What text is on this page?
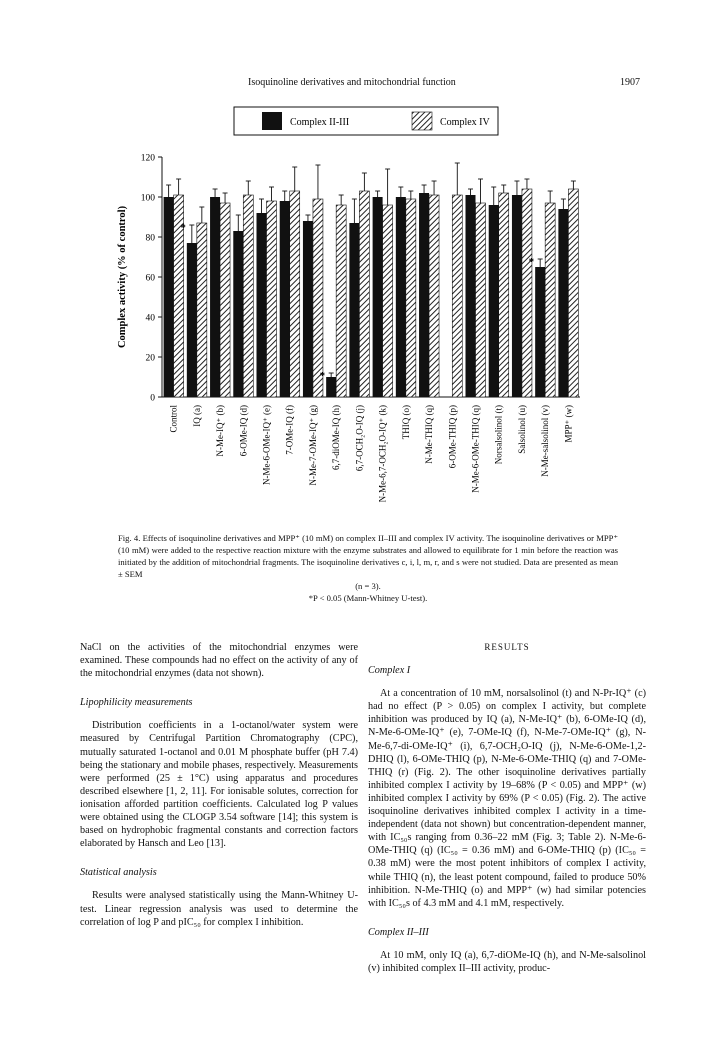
Isoquinoline derivatives and mitochondrial function	1907
Complex II-III	Complex IV
0
20
40
60
80
100
120
Complex activity (% of control)
Control
*
IQ (a) N-Me-IQ⁺ (b) 6-OMe-IQ (d) N-Me-6-OMe-IQ⁺ (e) 7-OMe-IQ (f) N-Me-7-OMe-IQ⁺ (g)
*
6,7-diOMe-IQ (h) 6,7-OCH₂O-IQ (j) N-Me-6,7-OCH₂O-IQ⁺ (k) THIQ (o) N-Me-THIQ (q) 6-OMe-THIQ (p) N-Me-6-OMe-THIQ (q) Norsalsolinol (t) Salsolinol (u)
*
N-Me-salsolinol (v) MPP⁺ (w)
Fig. 4. Effects of isoquinoline derivatives and MPP⁺ (10 mM) on complex II–III and complex IV activity. The isoquinoline derivatives or MPP⁺ (10 mM) were added to the respective reaction mixture with the enzyme substrates and allowed to equilibrate for 1 min before the reaction was initiated by the addition of mitochondrial fragments. The isoquinoline derivatives c, i, l, m, r, and s were not studied. Data are presented as mean ± SEM
(n = 3).
*P < 0.05 (Mann-Whitney U-test).

NaCl on the activities of the mitochondrial enzymes were examined. These compounds had no effect on the activity of any of the mitochondrial enzymes (data not shown).

Lipophilicity measurements

Distribution coefficients in a 1-octanol/water system were measured by Centrifugal Partition Chromatography (CPC), mutually saturated 1-octanol and 0.01 M phosphate buffer (pH 7.4) being the stationary and mobile phases, respectively. Measurements were performed (25 ± 1°C) using apparatus and procedures described elsewhere [1, 2, 11]. For ionisable solutes, correction for ionisation afforded partition coefficients. Calculated log P values were obtained using the CLOGP 3.54 software [14]; this system is based on hydrophobic fragmental constants and correction factors elaborated by Hansch and Leo [13].

Statistical analysis

Results were analysed statistically using the Mann-Whitney U-test. Linear regression analysis was used to determine the correlation of log P and pIC₅₀ for complex I inhibition.

RESULTS
Complex I

At a concentration of 10 mM, norsalsolinol (t) and N-Pr-IQ⁺ (c) had no effect (P > 0.05) on complex I activity, but complete inhibition was produced by IQ (a), N-Me-IQ⁺ (b), 6-OMe-IQ (d), N-Me-6-OMe-IQ⁺ (e), 7-OMe-IQ (f), N-Me-7-OMe-IQ⁺ (g), N-Me-6,7-di-OMe-IQ⁺ (i), 6,7-OCH₂O-IQ (j), N-Me-6-OMe-1,2-DHIQ (l), 6-OMe-THIQ (p), N-Me-6-OMe-THIQ (q) and 7-OMe-THIQ (r) (Fig. 2). The other isoquinoline derivatives partially inhibited complex I activity by 19–68% (P < 0.05) and MPP⁺ (w) inhibited complex I activity by 69% (P < 0.05) (Fig. 2). The active isoquinoline derivatives inhibited complex I activity in a time-independent (data not shown) but concentration-dependent manner, with IC₅₀s ranging from 0.36–22 mM (Fig. 3; Table 2). N-Me-6-OMe-THIQ (q) (IC₅₀ = 0.36 mM) and 6-OMe-THIQ (p) (IC₅₀ = 0.38 mM) were the most potent inhibitors of complex I activity, while THIQ (n), the least potent compound, failed to produce 50% inhibition. N-Me-THIQ (o) and MPP⁺ (w) had similar potencies with IC₅₀s of 4.3 mM and 4.1 mM, respectively.

Complex II–III

At 10 mM, only IQ (a), 6,7-diOMe-IQ (h), and N-Me-salsolinol (v) inhibited complex II–III activity, produc-
